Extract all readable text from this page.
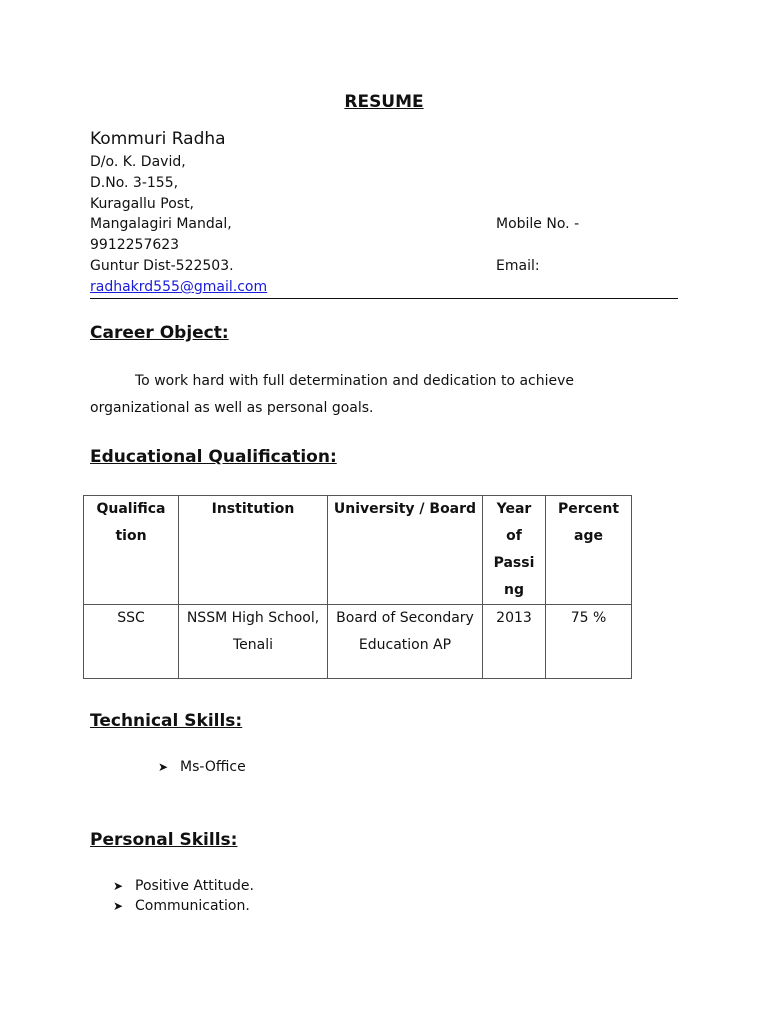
RESUME
Kommuri Radha
D/o. K. David,
D.No. 3-155,
Kuragallu Post,
Mangalagiri Mandal,	Mobile No. -
9912257623
Guntur Dist-522503.	Email:
radhakrd555@gmail.com
Career Object:
To work hard with full determination and dedication to achieve organizational as well as personal goals.
Educational Qualification:
Qualifica tion	Institution	University / Board	Year of Passi ng	Percent age
SSC	NSSM High School, Tenali	Board of Secondary Education AP	2013	75 %
Technical Skills:
➤ Ms-Office
Personal Skills:
➤ Positive Attitude.
➤ Communication.
